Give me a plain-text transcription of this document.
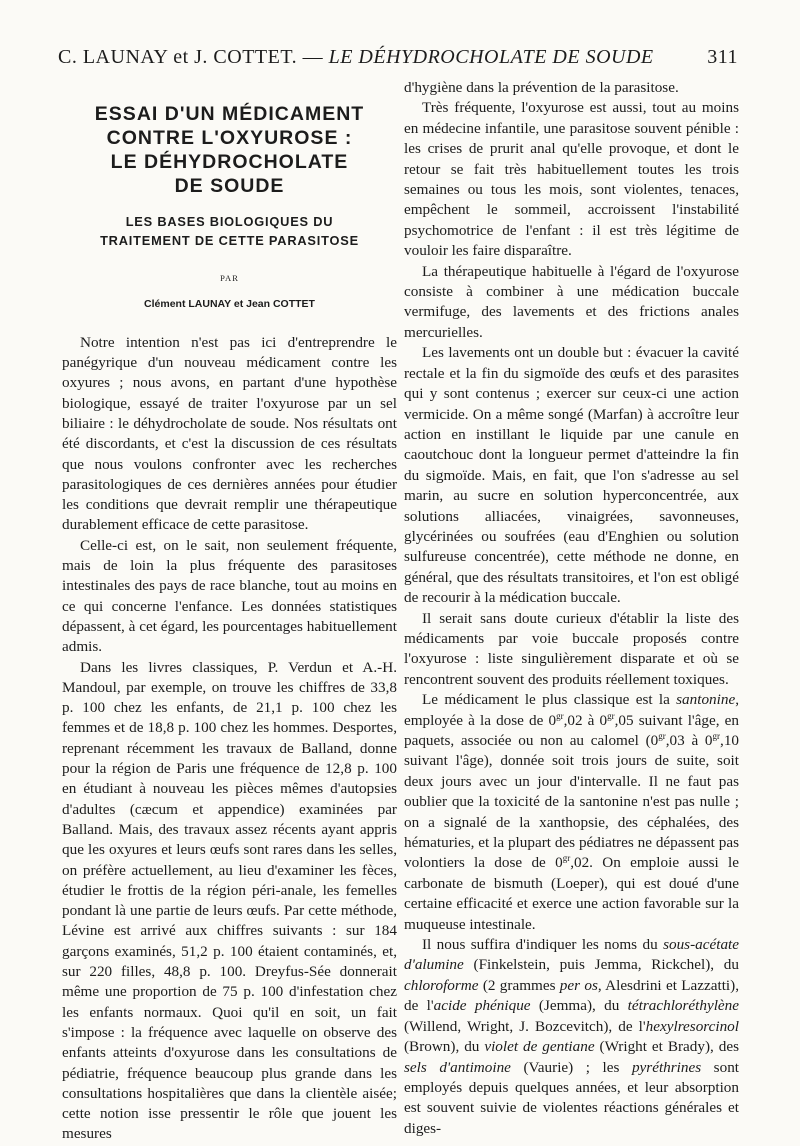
C. LAUNAY et J. COTTET. — LE DÉHYDROCHOLATE DE SOUDE	311
ESSAI D'UN MÉDICAMENT
CONTRE L'OXYUROSE :
LE DÉHYDROCHOLATE
DE SOUDE
LES BASES BIOLOGIQUES DU
TRAITEMENT DE CETTE PARASITOSE
PAR
Clément LAUNAY et Jean COTTET

Notre intention n'est pas ici d'entreprendre le panégyrique d'un nouveau médicament contre les oxyures ; nous avons, en partant d'une hypothèse biologique, essayé de traiter l'oxyurose par un sel biliaire : le déhydrocholate de soude. Nos résultats ont été discordants, et c'est la discussion de ces résultats que nous voulons confronter avec les recherches parasitologiques de ces dernières années pour étudier les conditions que devrait remplir une thérapeutique durablement efficace de cette parasitose.

Celle-ci est, on le sait, non seulement fréquente, mais de loin la plus fréquente des parasitoses intestinales des pays de race blanche, tout au moins en ce qui concerne l'enfance. Les données statistiques dépassent, à cet égard, les pourcentages habituellement admis.

Dans les livres classiques, P. Verdun et A.-H. Mandoul, par exemple, on trouve les chiffres de 33,8 p. 100 chez les enfants, de 21,1 p. 100 chez les femmes et de 18,8 p. 100 chez les hommes. Desportes, reprenant récemment les travaux de Balland, donne pour la région de Paris une fréquence de 12,8 p. 100 en étudiant à nouveau les pièces mêmes d'autopsies d'adultes (cæcum et appendice) examinées par Balland. Mais, des travaux assez récents ayant appris que les oxyures et leurs œufs sont rares dans les selles, on préfère actuellement, au lieu d'examiner les fèces, étudier le frottis de la région péri-anale, les femelles pondant là une partie de leurs œufs. Par cette méthode, Lévine est arrivé aux chiffres suivants : sur 184 garçons examinés, 51,2 p. 100 étaient contaminés, et, sur 220 filles, 48,8 p. 100. Dreyfus-Sée donnerait même une proportion de 75 p. 100 d'infestation chez les enfants normaux. Quoi qu'il en soit, un fait s'impose : la fréquence avec laquelle on observe des enfants atteints d'oxyurose dans les consultations de pédiatrie, fréquence beaucoup plus grande dans les consultations hospitalières que dans la clientèle aisée; cette notion isse pressentir le rôle que jouent les mesures

d'hygiène dans la prévention de la parasitose.

Très fréquente, l'oxyurose est aussi, tout au moins en médecine infantile, une parasitose souvent pénible : les crises de prurit anal qu'elle provoque, et dont le retour se fait très habituellement toutes les trois semaines ou tous les mois, sont violentes, tenaces, empêchent le sommeil, accroissent l'instabilité psychomotrice de l'enfant : il est très légitime de vouloir les faire disparaître.

La thérapeutique habituelle à l'égard de l'oxyurose consiste à combiner à une médication buccale vermifuge, des lavements et des frictions anales mercurielles.

Les lavements ont un double but : évacuer la cavité rectale et la fin du sigmoïde des œufs et des parasites qui y sont contenus ; exercer sur ceux-ci une action vermicide. On a même songé (Marfan) à accroître leur action en instillant le liquide par une canule en caoutchouc dont la longueur permet d'atteindre la fin du sigmoïde. Mais, en fait, que l'on s'adresse au sel marin, au sucre en solution hyperconcentrée, aux solutions alliacées, vinaigrées, savonneuses, glycérinées ou soufrées (eau d'Enghien ou solution sulfureuse concentrée), cette méthode ne donne, en général, que des résultats transitoires, et l'on est obligé de recourir à la médication buccale.

Il serait sans doute curieux d'établir la liste des médicaments par voie buccale proposés contre l'oxyurose : liste singulièrement disparate et où se rencontrent souvent des produits réellement toxiques.

Le médicament le plus classique est la santonine, employée à la dose de $0^{gr},02$ à $0^{gr},05$ suivant l'âge, en paquets, associée ou non au calomel ($0^{gr},03$ à $0^{gr},10$ suivant l'âge), donnée soit trois jours de suite, soit deux jours avec un jour d'intervalle. Il ne faut pas oublier que la toxicité de la santonine n'est pas nulle ; on a signalé de la xanthopsie, des céphalées, des hématuries, et la plupart des pédiatres ne dépassent pas volontiers la dose de $0^{gr},02$. On emploie aussi le carbonate de bismuth (Loeper), qui est doué d'une certaine efficacité et exerce une action favorable sur la muqueuse intestinale.

Il nous suffira d'indiquer les noms du sous-acétate d'alumine (Finkelstein, puis Jemma, Rickchel), du chloroforme (2 grammes per os, Alesdrini et Lazzatti), de l'acide phénique (Jemma), du tétrachloréthylène (Willend, Wright, J. Bozcevitch), de l'hexylresorcinol (Brown), du violet de gentiane (Wright et Brady), des sels d'antimoine (Vaurie) ; les pyréthrines sont employés depuis quelques années, et leur absorption est souvent suivie de violentes réactions générales et diges-
